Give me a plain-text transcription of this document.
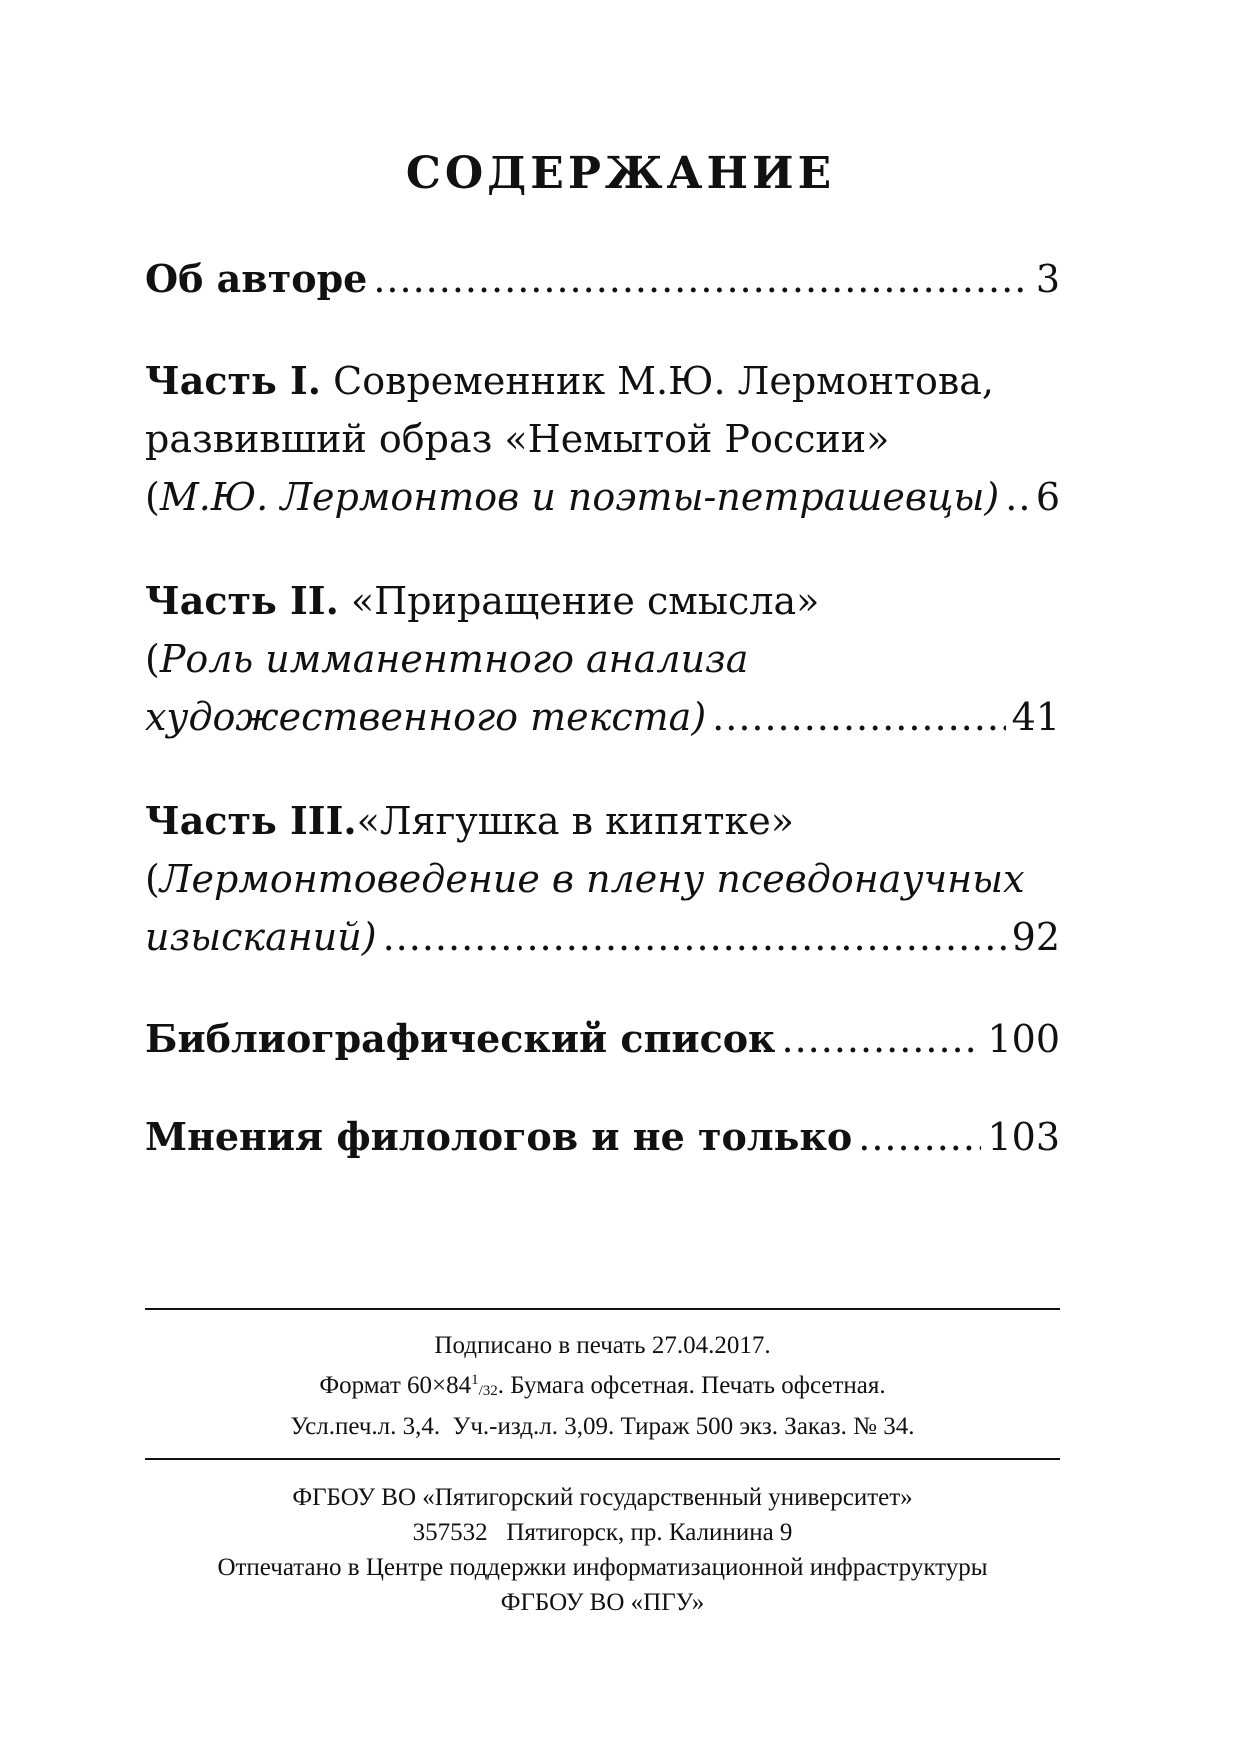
СОДЕРЖАНИЕ
Об авторе .....	3
Часть I.
Современник М.Ю. Лермонтова,
развивший образ «Немытой России»
( М.Ю. Лермонтов и поэты-петрашевцы) ..... 6
Часть II.
«Приращение смысла»
( Роль имманентного анализа
художественного текста) .....	41
Часть III. «Лягушка в кипятке»
( Лермонтоведение в плену псевдонаучных
изысканий) .....	92
Библиографический список .....	100
Мнения филологов и не только .....	103

Подписано в печать 27.04.2017.

Формат $60\times 84^1_{/32}$. Бумага офсетная. Печать офсетная.

Усл.печ.л. 3,4.  Уч.-изд.л. 3,09. Тираж 500 экз. Заказ. № 34.

ФГБОУ ВО «Пятигорский государственный университет»

357532   Пятигорск, пр. Калинина 9

Отпечатано в Центре поддержки информатизационной инфраструктуры

ФГБОУ ВО «ПГУ»
